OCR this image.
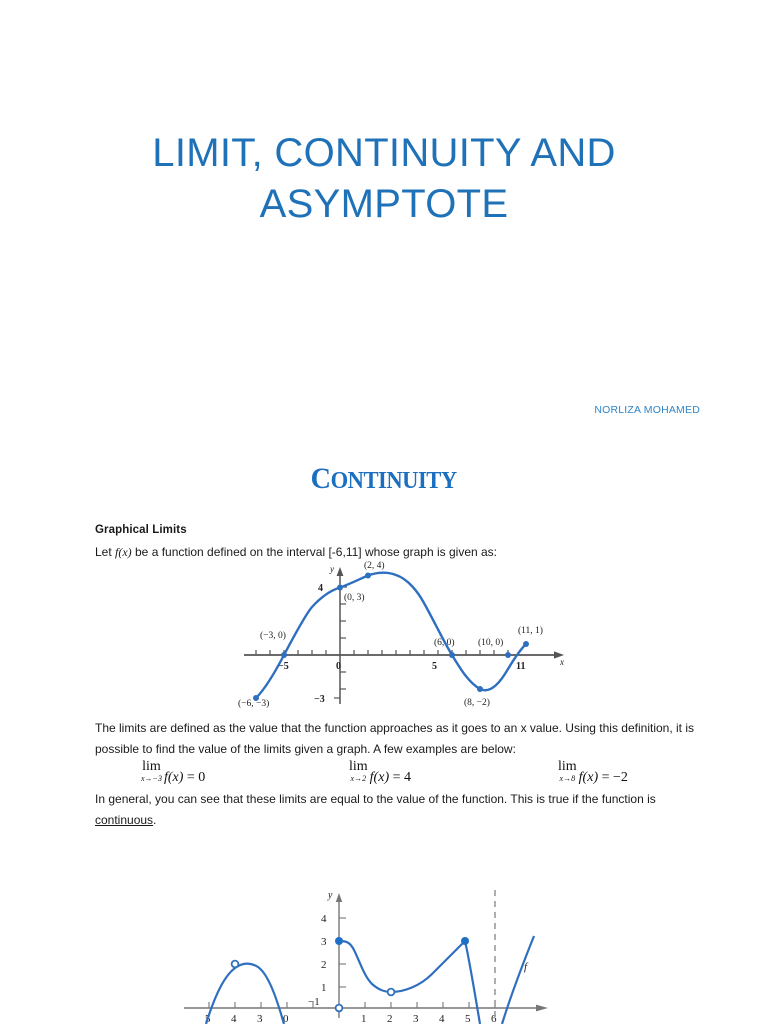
LIMIT, CONTINUITY AND
ASYMPTOTE
NORLIZA MOHAMED
CONTINUITY
Graphical Limits
Let f(x) be a function defined on the interval [-6,11] whose graph is given as:
y
x
4
−3
−5	0	5	11
(−6, −3)
(−3, 0)
(0, 3)
(2, 4)
(6, 0)
(8, −2)
(10, 0)
(11, 1)
The limits are defined as the value that the function approaches as it goes to an x value. Using this definition, it is possible to find the value of the limits given a graph. A few examples are below:
lim
x→−3 f(x) = 0
lim
x→2 f(x) = 4
lim
x→8 f(x) = −2
In general, you can see that these limits are equal to the value of the function. This is true if the function is continuous.
4
3
2
1
−1
y
5 4 3 0	1 2 3 4 5 6
f
